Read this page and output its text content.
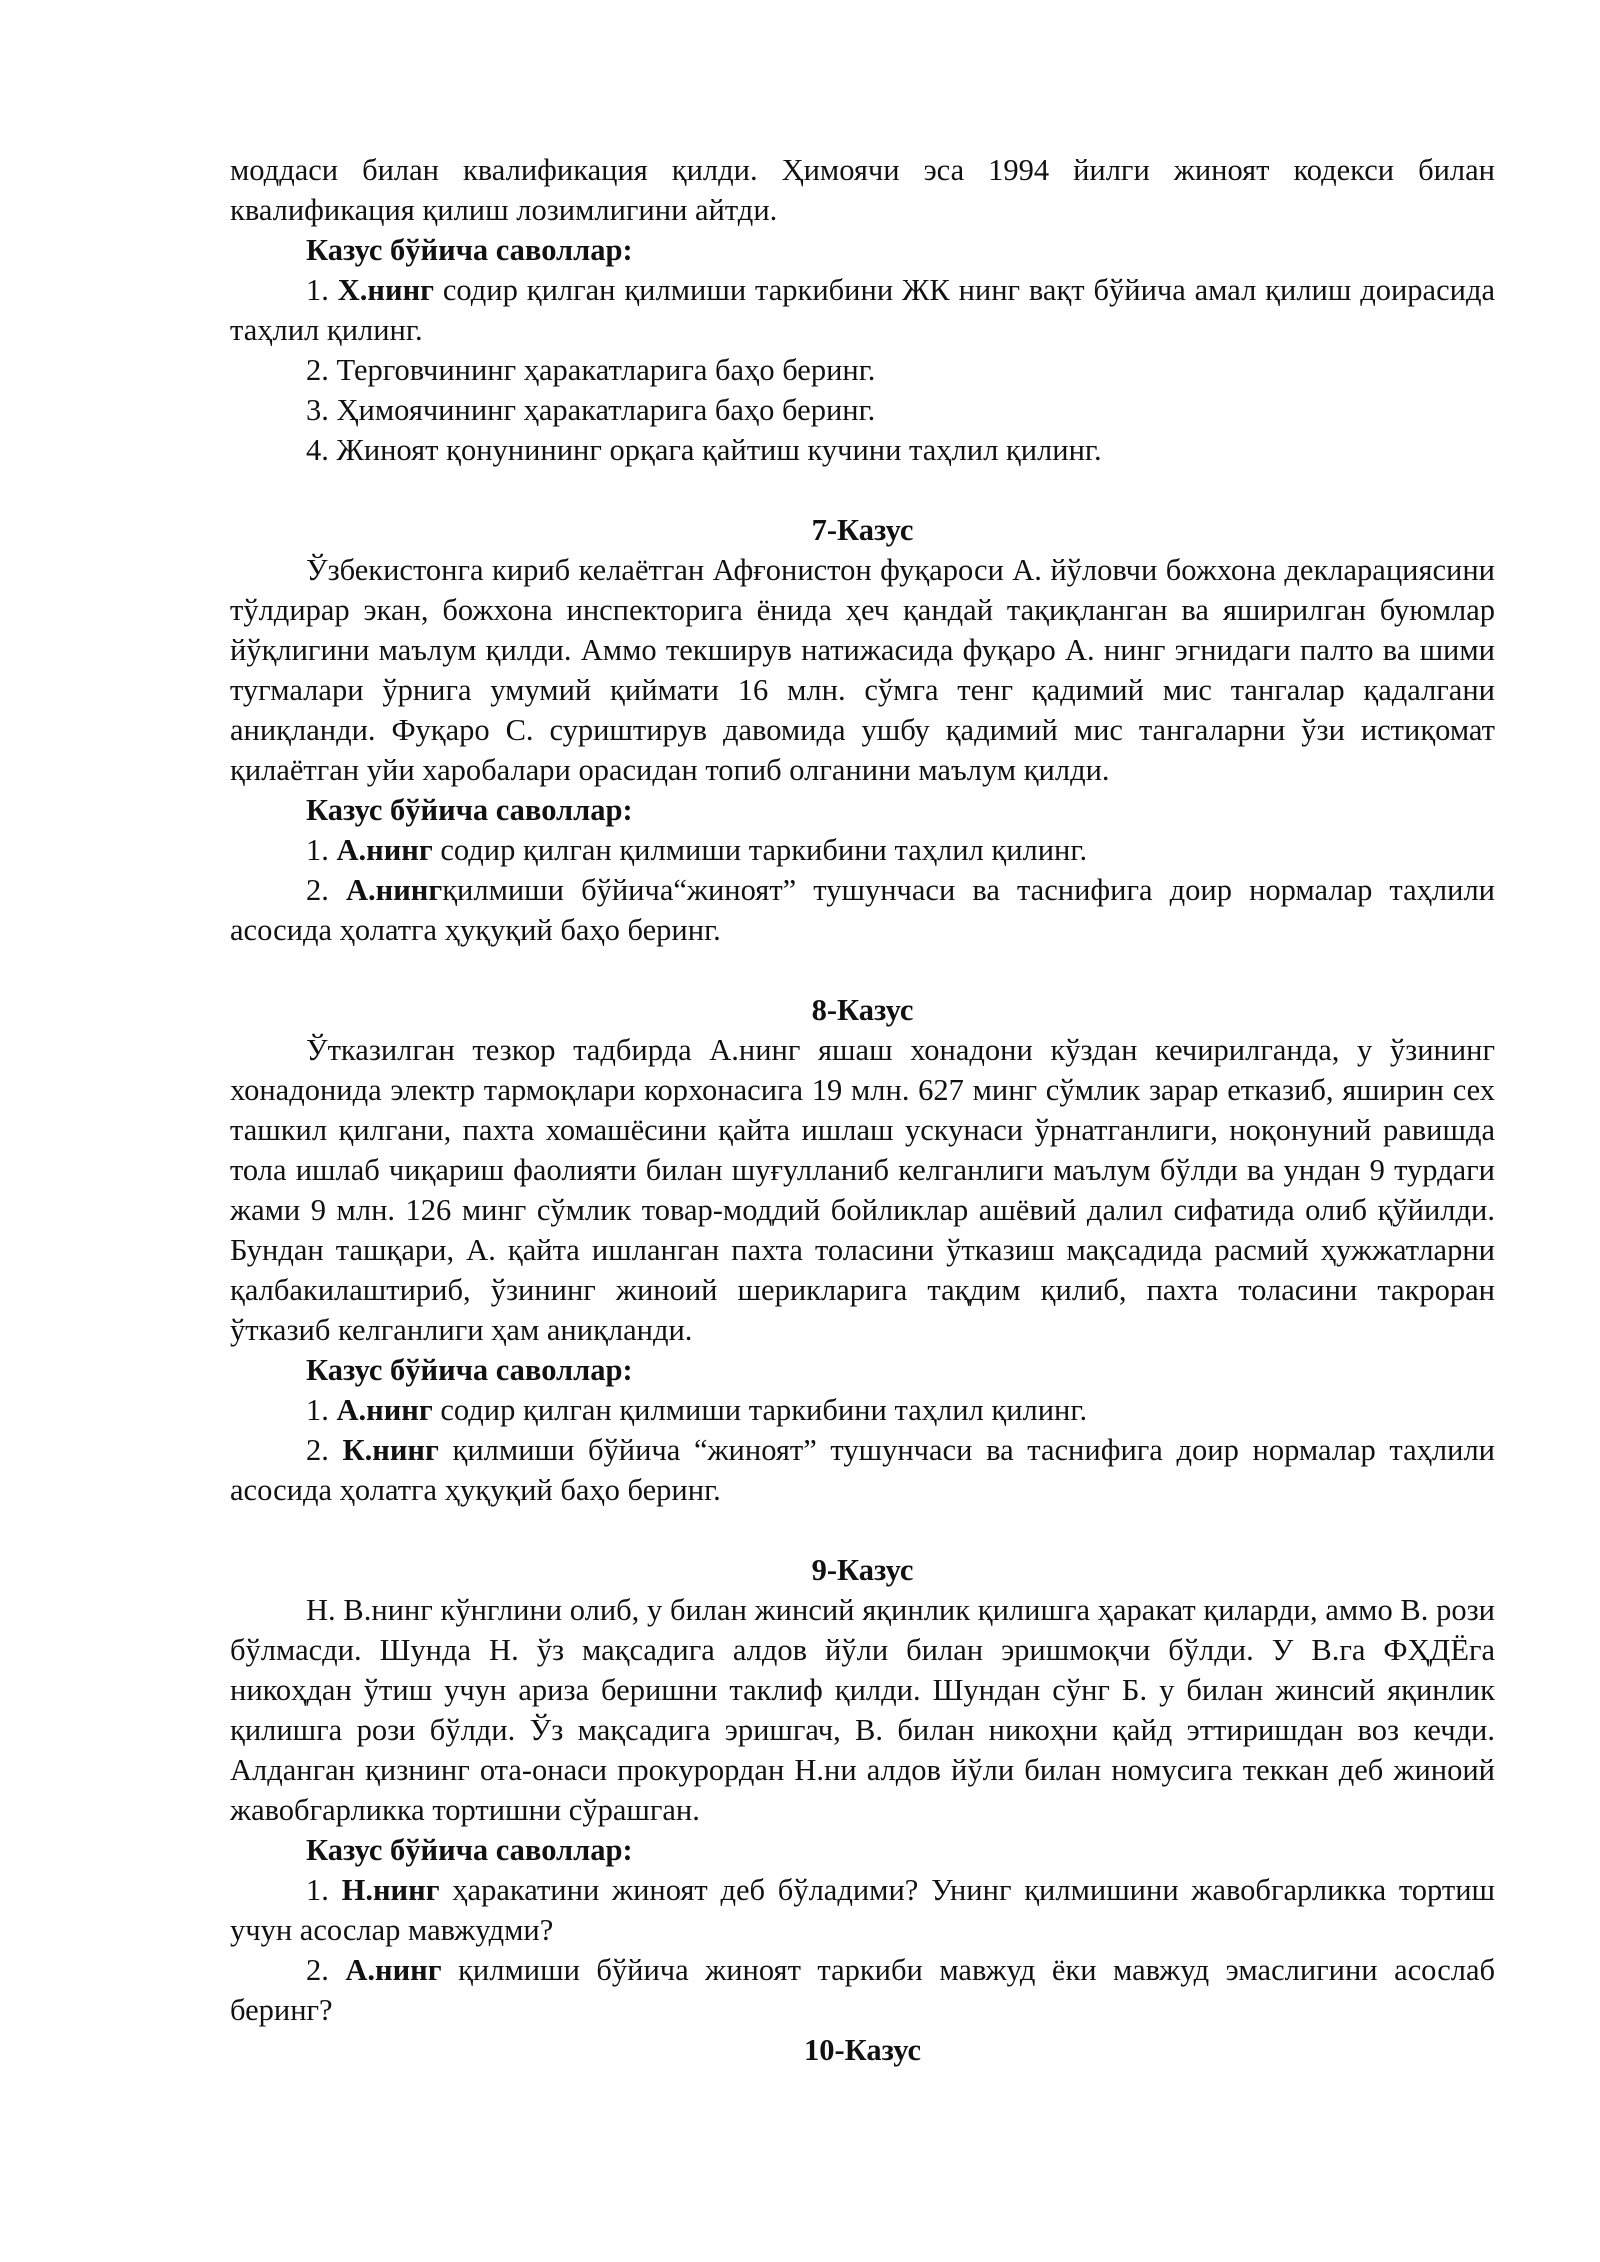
моддаси билан квалификация қилди. Ҳимоячи эса 1994 йилги жиноят кодекси билан квалификация қилиш лозимлигини айтди.

Казус бўйича саволлар:

1. Х.нинг содир қилган қилмиши таркибини ЖК нинг вақт бўйича амал қилиш доирасида таҳлил қилинг.

2. Терговчининг ҳаракатларига баҳо беринг.

3. Ҳимоячининг ҳаракатларига баҳо беринг.

4. Жиноят қонунининг орқага қайтиш кучини таҳлил қилинг.

7-Казус

Ўзбекистонга кириб келаётган Афғонистон фуқароси А. йўловчи божхона декларациясини тўлдирар экан, божхона инспекторига ёнида ҳеч қандай тақиқланган ва яширилган буюмлар йўқлигини маълум қилди. Аммо текширув натижасида фуқаро А. нинг эгнидаги палто ва шими тугмалари ўрнига умумий қиймати 16 млн. сўмга тенг қадимий мис тангалар қадалгани аниқланди. Фуқаро С. суриштирув давомида ушбу қадимий мис тангаларни ўзи истиқомат қилаётган уйи харобалари орасидан топиб олганини маълум қилди.

Казус бўйича саволлар:

1. А.нинг содир қилган қилмиши таркибини таҳлил қилинг.

2. А.нингқилмиши бўйича“жиноят” тушунчаси ва таснифига доир нормалар таҳлили асосида ҳолатга ҳуқуқий баҳо беринг.

8-Казус

Ўтказилган тезкор тадбирда А.нинг яшаш хонадони кўздан кечирилганда, у ўзининг хонадонида электр тармоқлари корхонасига 19 млн. 627 минг сўмлик зарар етказиб, яширин сех ташкил қилгани, пахта хомашёсини қайта ишлаш ускунаси ўрнатганлиги, ноқонуний равишда тола ишлаб чиқариш фаолияти билан шуғулланиб келганлиги маълум бўлди ва ундан 9 турдаги жами 9 млн. 126 минг сўмлик товар-моддий бойликлар ашёвий далил сифатида олиб қўйилди. Бундан ташқари, А. қайта ишланган пахта толасини ўтказиш мақсадида расмий ҳужжатларни қалбакилаштириб, ўзининг жиноий шерикларига тақдим қилиб, пахта толасини такроран ўтказиб келганлиги ҳам аниқланди.

Казус бўйича саволлар:

1. А.нинг содир қилган қилмиши таркибини таҳлил қилинг.

2. К.нинг қилмиши бўйича “жиноят” тушунчаси ва таснифига доир нормалар таҳлили асосида ҳолатга ҳуқуқий баҳо беринг.

9-Казус

Н. В.нинг кўнглини олиб, у билан жинсий яқинлик қилишга ҳаракат қиларди, аммо В. рози бўлмасди. Шунда Н. ўз мақсадига алдов йўли билан эришмоқчи бўлди. У В.га ФҲДЁга никоҳдан ўтиш учун ариза беришни таклиф қилди. Шундан сўнг Б. у билан жинсий яқинлик қилишга рози бўлди. Ўз мақсадига эришгач, В. билан никоҳни қайд эттиришдан воз кечди. Алданган қизнинг ота-онаси прокурордан Н.ни алдов йўли билан номусига теккан деб жиноий жавобгарликка тортишни сўрашган.

Казус бўйича саволлар:

1. Н.нинг ҳаракатини жиноят деб бўладими? Унинг қилмишини жавобгарликка тортиш учун асослар мавжудми?

2. А.нинг қилмиши бўйича жиноят таркиби мавжуд ёки мавжуд эмаслигини асослаб беринг?

10-Казус
